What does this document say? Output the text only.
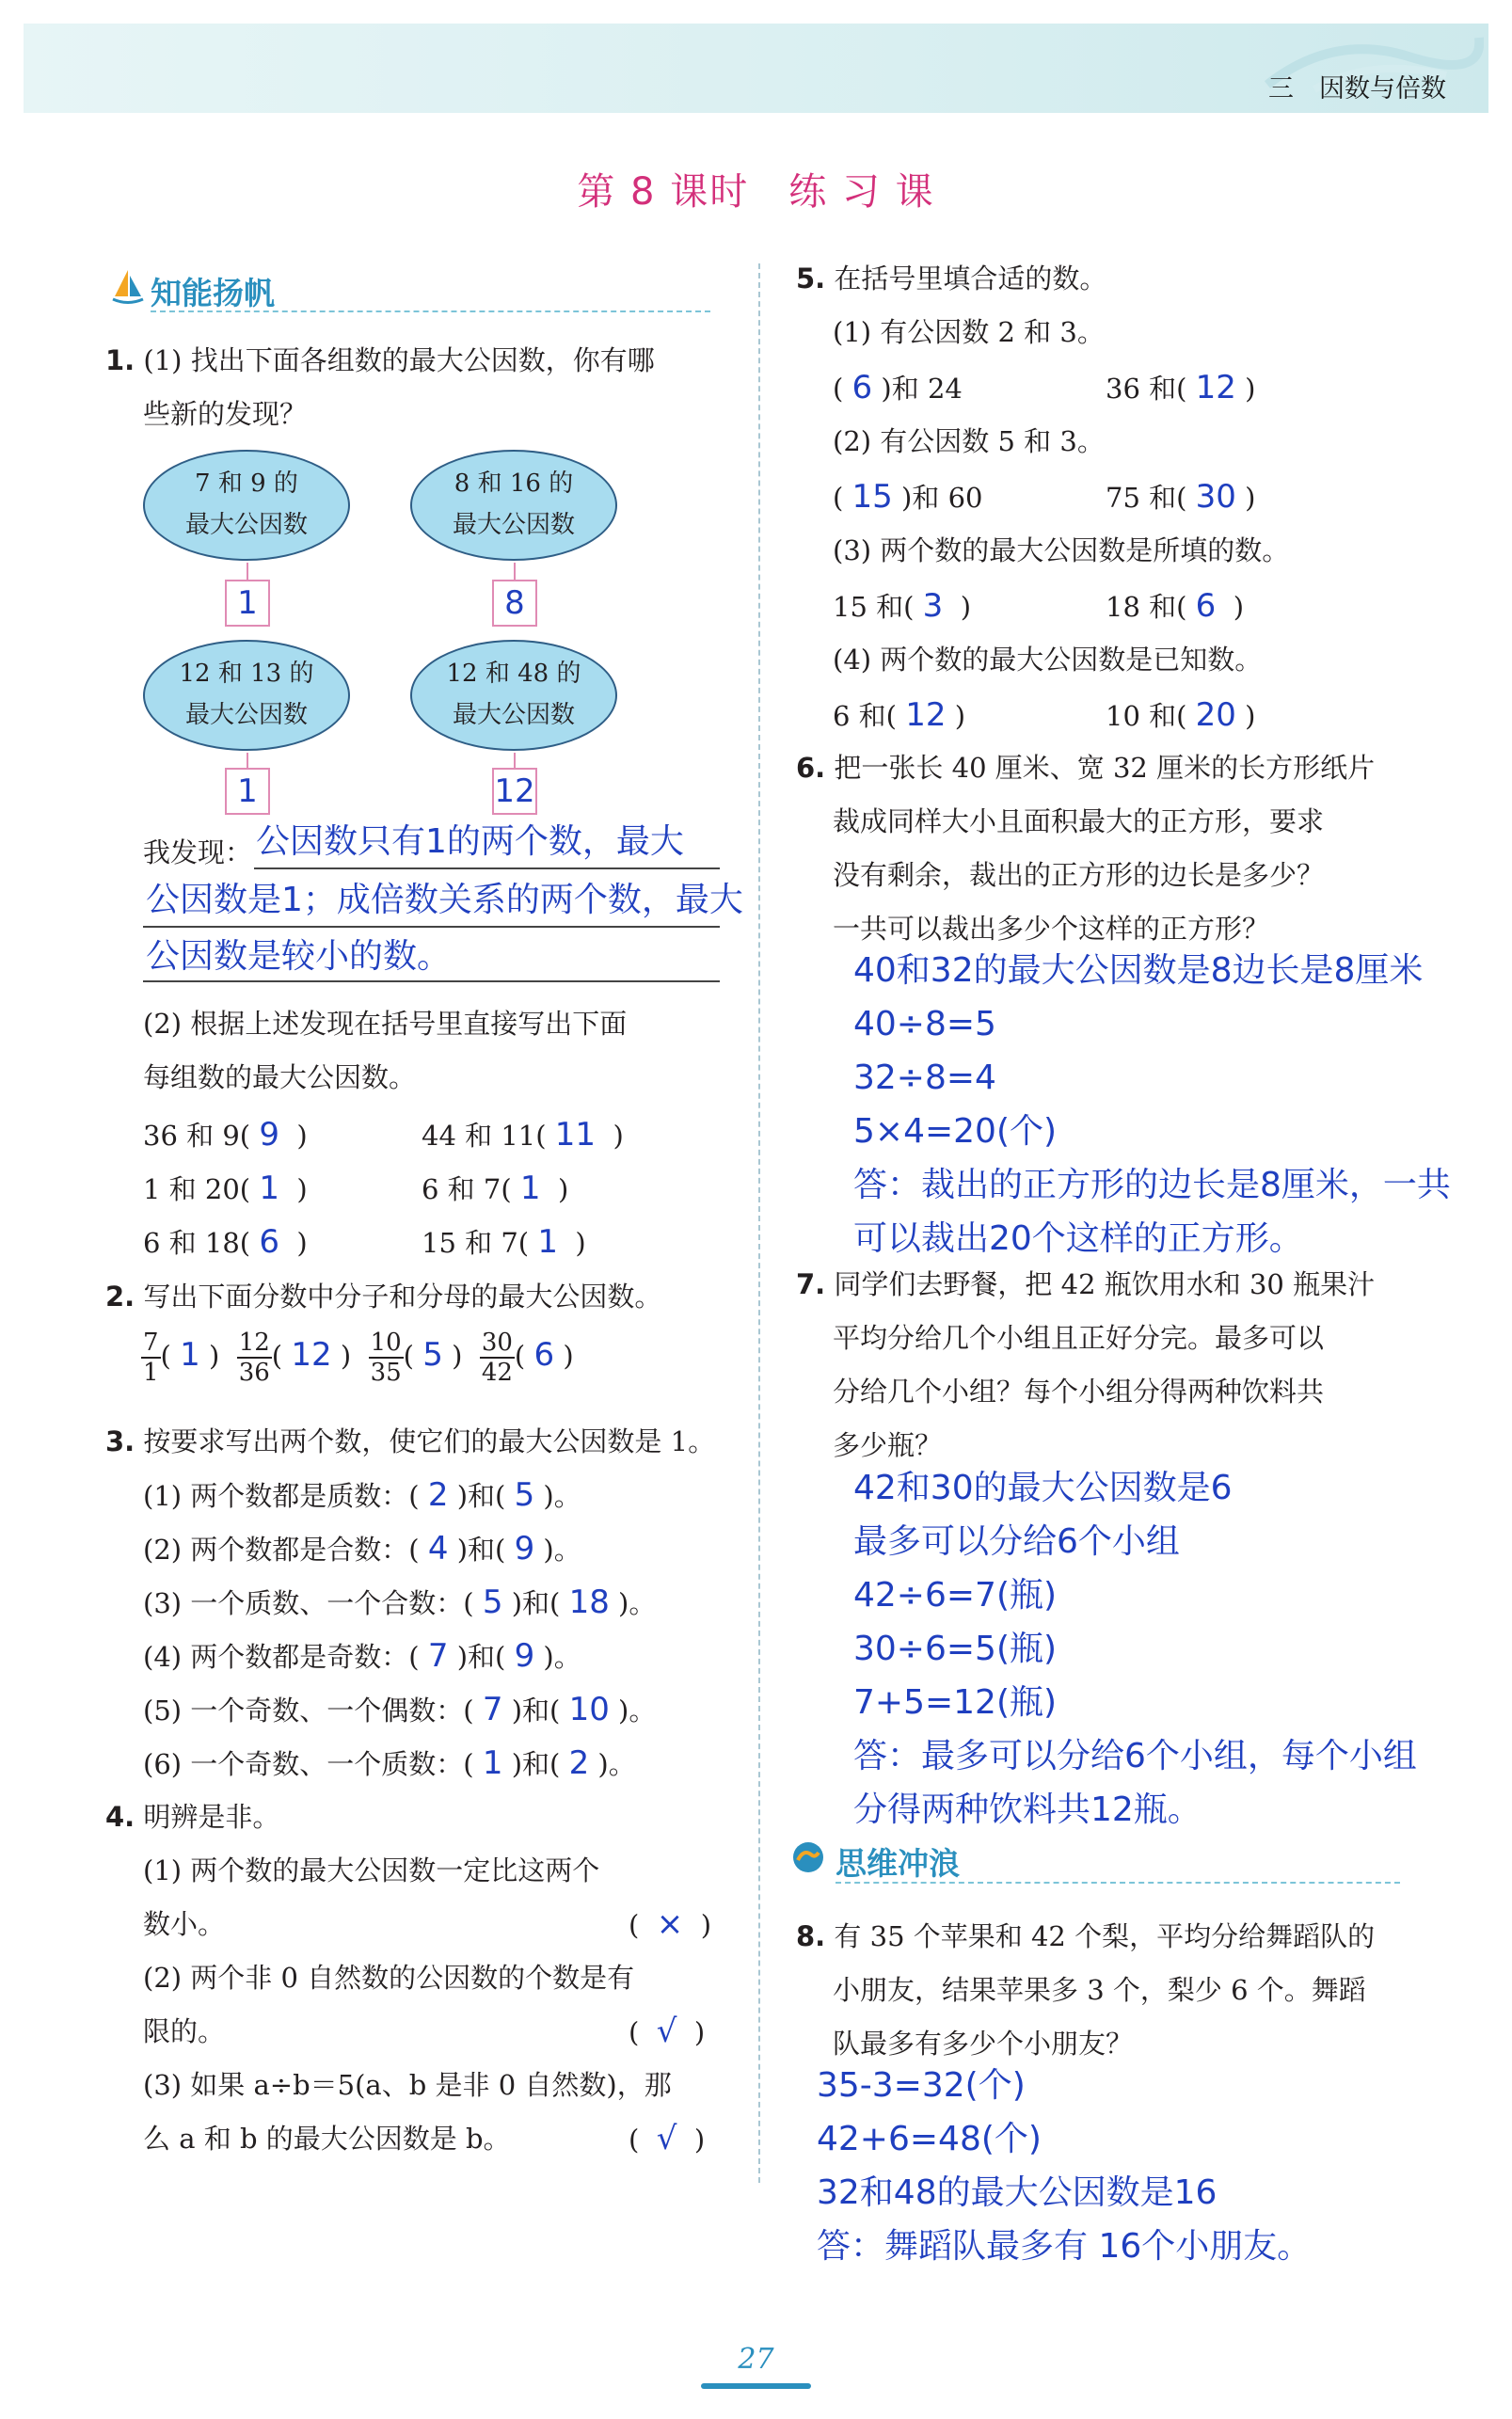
三　因数与倍数
第 8 课时　练 习 课
知能扬帆
1. (1) 找出下面各组数的最大公因数，你有哪
些新的发现？
7 和 9 的
最大公因数
8 和 16 的
最大公因数
1	8
12 和 13 的
最大公因数
12 和 48 的
最大公因数
1	12
我发现： 公因数只有1的两个数，最大
公因数是1；成倍数关系的两个数，最大
公因数是较小的数。
(2) 根据上述发现在括号里直接写出下面
每组数的最大公因数。
36 和 9( 9 )	44 和 11( 11 )
1 和 20( 1 )	6 和 7( 1 )
6 和 18( 6 )	15 和 7( 1 )
2. 写出下面分数中分子和分母的最大公因数。
$\frac{7}{1}$ ( 1 ) $\frac{12}{36}$ ( 12 ) $\frac{10}{35}$ ( 5 ) $\frac{30}{42}$ ( 6 )
3. 按要求写出两个数，使它们的最大公因数是 1。
(1) 两个数都是质数：( 2 )和( 5 )。
(2) 两个数都是合数：( 4 )和( 9 )。
(3) 一个质数、一个合数：( 5 )和( 18 )。
(4) 两个数都是奇数：( 7 )和( 9 )。
(5) 一个奇数、一个偶数：( 7 )和( 10 )。
(6) 一个奇数、一个质数：( 1 )和( 2 )。
4. 明辨是非。
(1) 两个数的最大公因数一定比这两个
数小。	(  ×  )
(2) 两个非 0 自然数的公因数的个数是有
限的。	(  √  )
(3) 如果 a÷b＝5(a、b 是非 0 自然数)，那
么 a 和 b 的最大公因数是 b。	(  √  )
5. 在括号里填合适的数。
(1) 有公因数 2 和 3。
( 6 )和 24	36 和( 12 )
(2) 有公因数 5 和 3。
( 15 )和 60	75 和( 30 )
(3) 两个数的最大公因数是所填的数。
15 和( 3 )	18 和( 6 )
(4) 两个数的最大公因数是已知数。
6 和( 12 )	10 和( 20 )
6. 把一张长 40 厘米、宽 32 厘米的长方形纸片
裁成同样大小且面积最大的正方形，要求
没有剩余，裁出的正方形的边长是多少？
一共可以裁出多少个这样的正方形？
40和32的最大公因数是8边长是8厘米
40÷8=5
32÷8=4
5×4=20(个)
答：裁出的正方形的边长是8厘米，一共
可以裁出20个这样的正方形。
7. 同学们去野餐，把 42 瓶饮用水和 30 瓶果汁
平均分给几个小组且正好分完。最多可以
分给几个小组？每个小组分得两种饮料共
多少瓶？
42和30的最大公因数是6
最多可以分给6个小组
42÷6=7(瓶)
30÷6=5(瓶)
7+5=12(瓶)
答：最多可以分给6个小组，每个小组
分得两种饮料共12瓶。
思维冲浪
8. 有 35 个苹果和 42 个梨，平均分给舞蹈队的
小朋友，结果苹果多 3 个，梨少 6 个。舞蹈
队最多有多少个小朋友？
35-3=32(个)
42+6=48(个)
32和48的最大公因数是16
答：舞蹈队最多有 16个小朋友。
27
